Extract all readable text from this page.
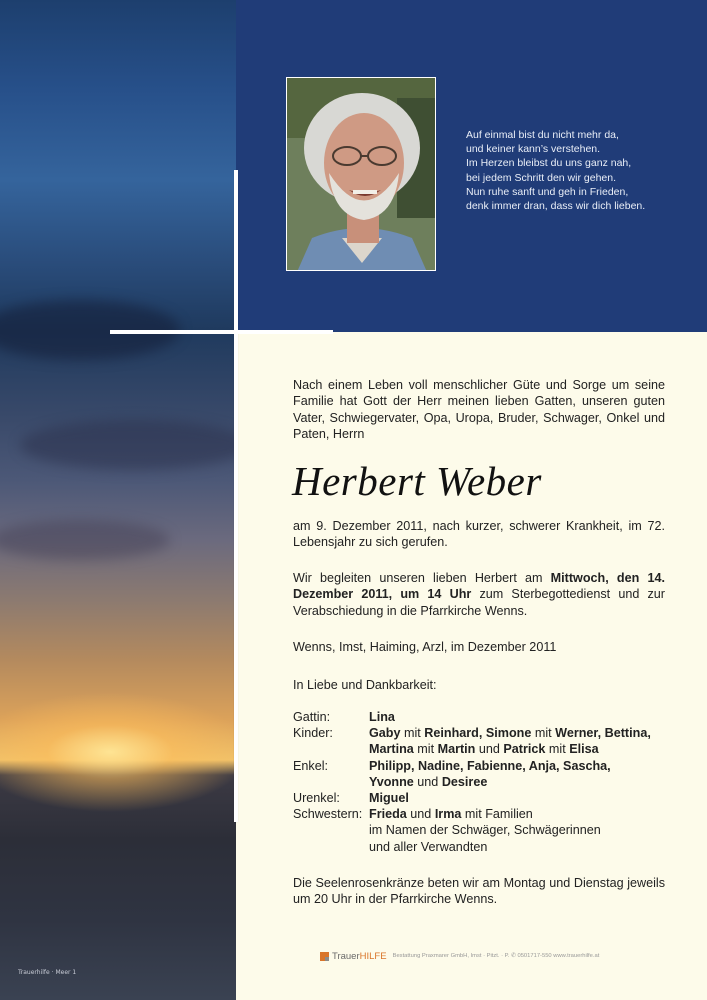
Trauerhilfe · Meer 1
Auf einmal bist du nicht mehr da,
und keiner kann’s verstehen.
Im Herzen bleibst du uns ganz nah,
bei jedem Schritt den wir gehen.
Nun ruhe sanft und geh in Frieden,
denk immer dran, dass wir dich lieben.
Nach einem Leben voll menschlicher Güte und Sorge um seine Familie hat Gott der Herr meinen lieben Gatten, unseren guten Vater, Schwiegervater, Opa, Uropa, Bruder, Schwager, Onkel und Paten, Herrn
Herbert Weber
am 9. Dezember 2011, nach kurzer, schwerer Krankheit, im 72. Lebensjahr zu sich gerufen.
Wir begleiten unseren lieben Herbert am Mittwoch, den 14. Dezember 2011, um 14 Uhr zum Sterbegottedienst und zur Verabschiedung in die Pfarrkirche Wenns.
Wenns, Imst, Haiming, Arzl, im Dezember 2011
In Liebe und Dankbarkeit:
Gattin:	Lina
Kinder:	Gaby mit Reinhard, Simone mit Werner, Bettina,
Martina mit Martin und Patrick mit Elisa
Enkel:	Philipp, Nadine, Fabienne, Anja, Sascha,
Yvonne und Desiree
Urenkel:	Miguel
Schwestern: Frieda und Irma mit Familien
im Namen der Schwäger, Schwägerinnen
und aller Verwandten
Die Seelenrosenkränze beten wir am Montag und Dienstag jeweils um 20 Uhr in der Pfarrkirche Wenns.
Trauer HILFE Bestattung Praxmarer GmbH, Imst · Pitzt. · P. ✆ 0501717-550 www.trauerhilfe.at
